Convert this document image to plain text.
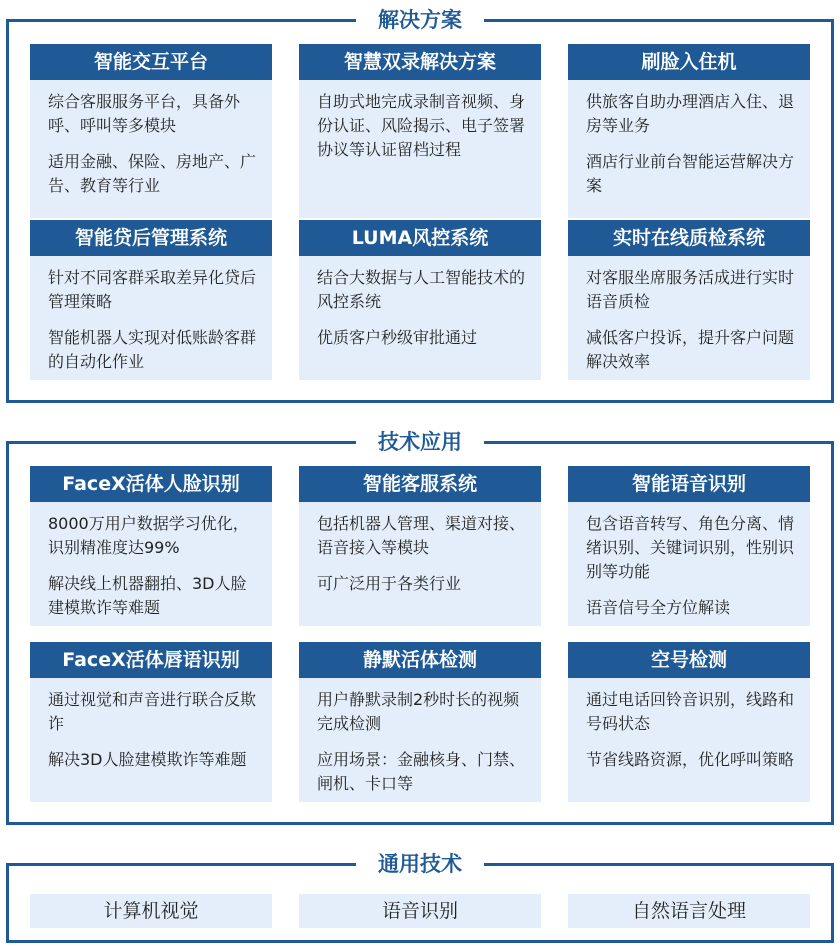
解决方案
智能交互平台

综合客服服务平台，具备外呼、呼叫等多模块

适用金融、保险、房地产、广告、教育等行业

智慧双录解决方案

自助式地完成录制音视频、身份认证、风险揭示、电子签署协议等认证留档过程

刷脸入住机

供旅客自助办理酒店入住、退房等业务

酒店行业前台智能运营解决方案

智能贷后管理系统

针对不同客群采取差异化贷后管理策略

智能机器人实现对低账龄客群的自动化作业

LUMA风控系统

结合大数据与人工智能技术的风控系统

优质客户秒级审批通过

实时在线质检系统

对客服坐席服务活成进行实时语音质检

减低客户投诉，提升客户问题解决效率

技术应用
FaceX活体人脸识别

8000万用户数据学习优化，识别精准度达99%

解决线上机器翻拍、3D人脸建模欺诈等难题

智能客服系统

包括机器人管理、渠道对接、语音接入等模块

可广泛用于各类行业

智能语音识别

包含语音转写、角色分离、情绪识别、关键词识别，性别识别等功能

语音信号全方位解读

FaceX活体唇语识别

通过视觉和声音进行联合反欺诈

解决3D人脸建模欺诈等难题

静默活体检测

用户静默录制2秒时长的视频完成检测

应用场景：金融核身、门禁、闸机、卡口等

空号检测

通过电话回铃音识别，线路和号码状态

节省线路资源，优化呼叫策略

通用技术
计算机视觉	语音识别	自然语言处理
